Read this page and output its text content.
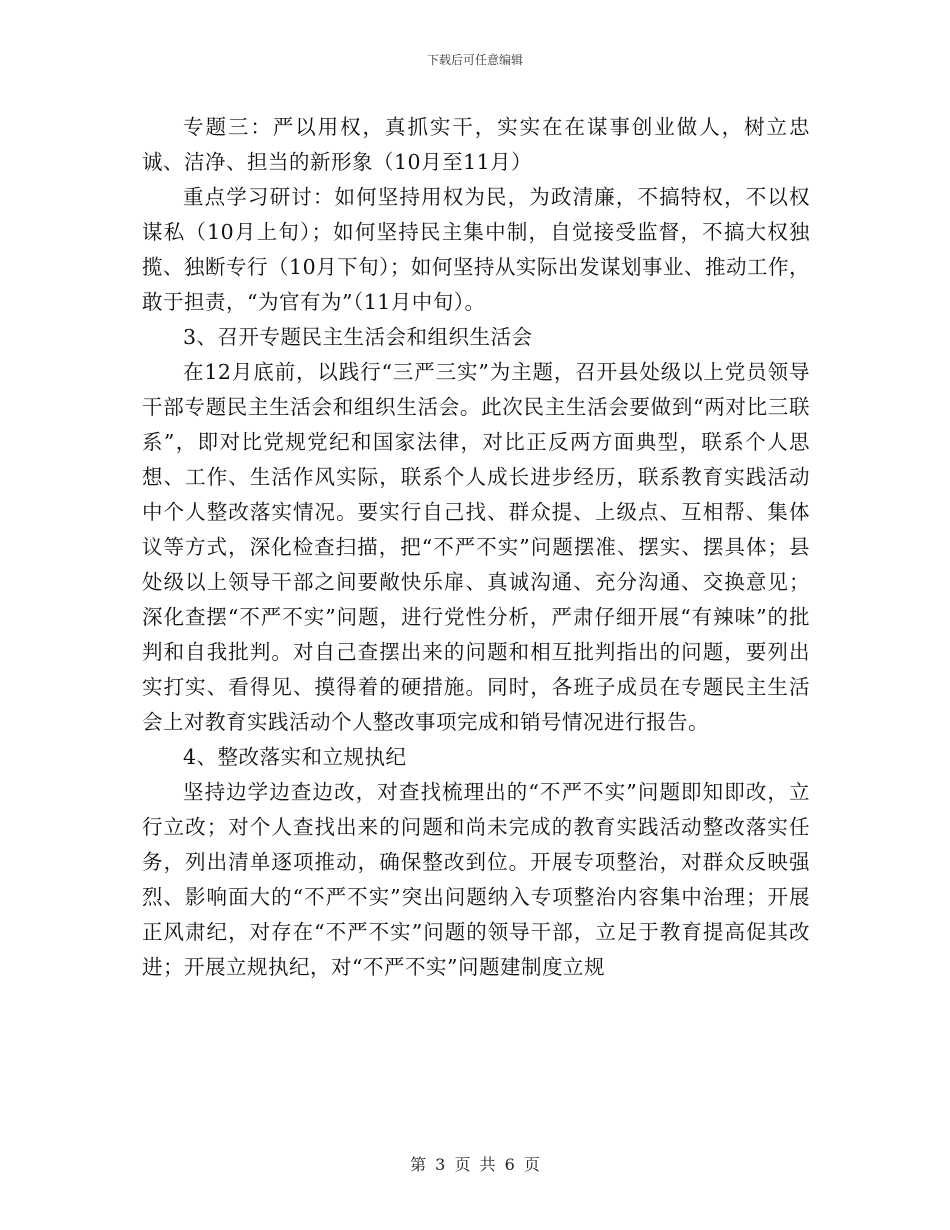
下载后可任意编辑

专题三：严以用权，真抓实干，实实在在谋事创业做人，树立忠诚、洁净、担当的新形象（10月至11月）

重点学习研讨：如何坚持用权为民，为政清廉，不搞特权，不以权谋私（10月上旬）；如何坚持民主集中制，自觉接受监督，不搞大权独揽、独断专行（10月下旬）；如何坚持从实际出发谋划事业、推动工作，敢于担责，“为官有为”（11月中旬）。

3、召开专题民主生活会和组织生活会

在12月底前，以践行“三严三实”为主题，召开县处级以上党员领导干部专题民主生活会和组织生活会。此次民主生活会要做到“两对比三联系”，即对比党规党纪和国家法律，对比正反两方面典型，联系个人思想、工作、生活作风实际，联系个人成长进步经历，联系教育实践活动中个人整改落实情况。要实行自己找、群众提、上级点、互相帮、集体议等方式，深化检查扫描，把“不严不实”问题摆准、摆实、摆具体；县处级以上领导干部之间要敞快乐扉、真诚沟通、充分沟通、交换意见；深化查摆“不严不实”问题，进行党性分析，严肃仔细开展“有辣味”的批判和自我批判。对自己查摆出来的问题和相互批判指出的问题，要列出实打实、看得见、摸得着的硬措施。同时，各班子成员在专题民主生活会上对教育实践活动个人整改事项完成和销号情况进行报告。

4、整改落实和立规执纪

坚持边学边查边改，对查找梳理出的“不严不实”问题即知即改，立行立改；对个人查找出来的问题和尚未完成的教育实践活动整改落实任务，列出清单逐项推动，确保整改到位。开展专项整治，对群众反映强烈、影响面大的“不严不实”突出问题纳入专项整治内容集中治理；开展正风肃纪，对存在“不严不实”问题的领导干部，立足于教育提高促其改进；开展立规执纪，对“不严不实”问题建制度立规

第 3 页 共 6 页
